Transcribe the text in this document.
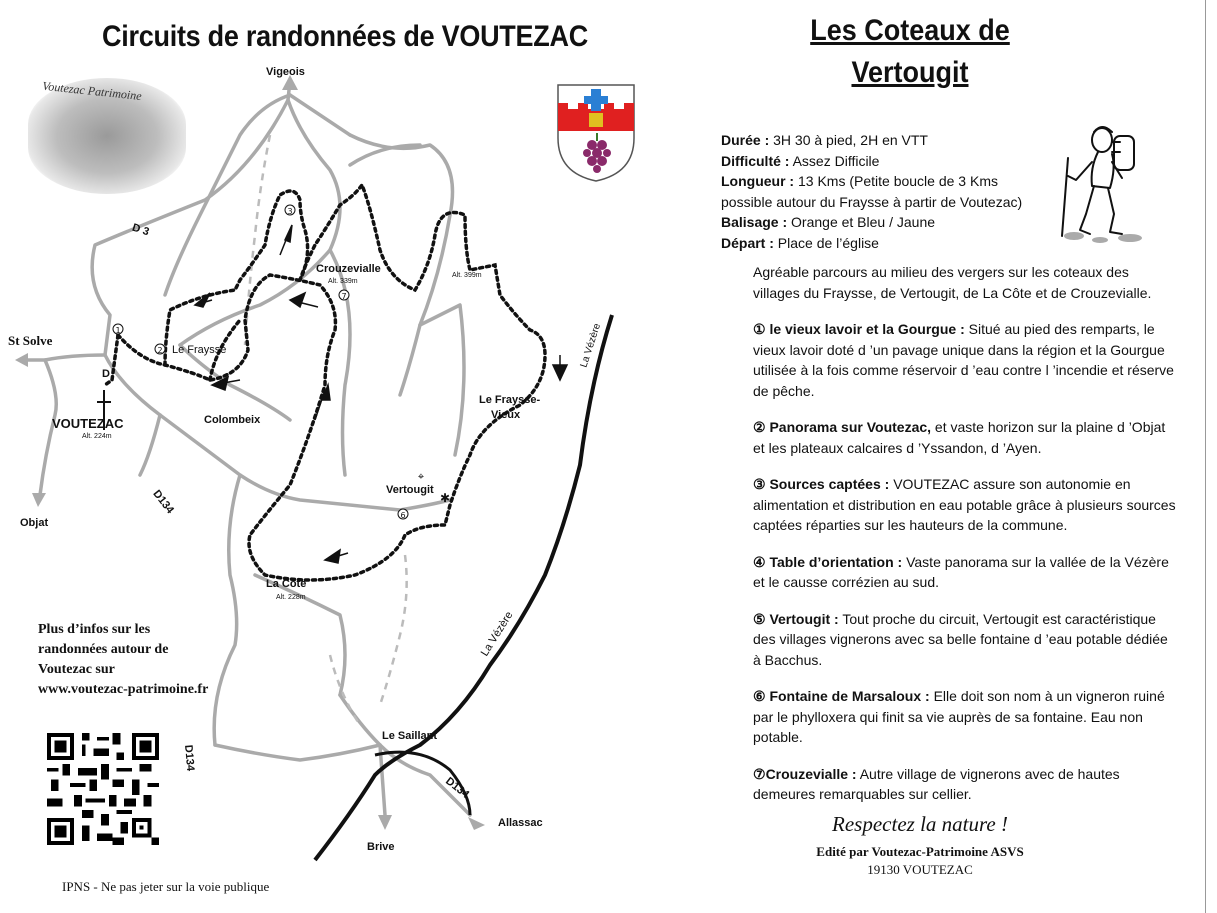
Circuits de randonnées de VOUTEZAC
Voutezac Patrimoine
1
2
3
7
6
⌖
✱
Vigeois
St Solve
Objat
VOUTEZAC
Alt. 224m
D
Crouzevialle
Alt. 339m
Le Fraysse
Colombeix
Le Fraysse-
Vieux
Alt. 399m
Vertougit
La Côte
Alt. 228m
Le Saillant
Brive
Allassac
D 3
D134
D134
D134
La Vézère
La Vézère
Plus d’infos sur les
randonnées autour de
Voutezac sur
www.voutezac-patrimoine.fr
IPNS - Ne pas jeter sur la voie publique
Les Coteaux de
Vertougit
Durée : 3H 30 à pied, 2H en VTT
Difficulté : Assez Difficile
Longueur : 13 Kms (Petite boucle de 3 Kms
possible autour du Fraysse à partir de Voutezac)
Balisage : Orange et Bleu / Jaune
Départ : Place de l’église

Agréable parcours au milieu des vergers sur les coteaux des villages du Fraysse, de Vertougit, de La Côte et de Crouzevialle.

① le vieux lavoir et la Gourgue : Situé au pied des remparts, le vieux lavoir doté d ’un pavage unique dans la région et la Gourgue utilisée à la fois comme réservoir d ’eau contre l ’incendie et réserve de pêche.

② Panorama sur Voutezac, et vaste horizon sur la plaine d ’Objat et les plateaux calcaires d ’Yssandon, d ’Ayen.

③ Sources captées : VOUTEZAC assure son autonomie en alimentation et distribution en eau potable grâce à plusieurs sources captées réparties sur les hauteurs de la commune.

④ Table d’orientation : Vaste panorama sur la vallée de la Vézère et le causse corrézien au sud.

⑤ Vertougit : Tout proche du circuit, Vertougit est caractéristique des villages vignerons avec sa belle fontaine d ’eau potable dédiée à Bacchus.

⑥ Fontaine de Marsaloux : Elle doit son nom à un vigneron ruiné par le phylloxera qui finit sa vie auprès de sa fontaine. Eau non potable.

⑦Crouzevialle : Autre village de vignerons avec de hautes demeures remarquables sur cellier.

Respectez la nature !
Edité par Voutezac-Patrimoine ASVS
19130 VOUTEZAC
